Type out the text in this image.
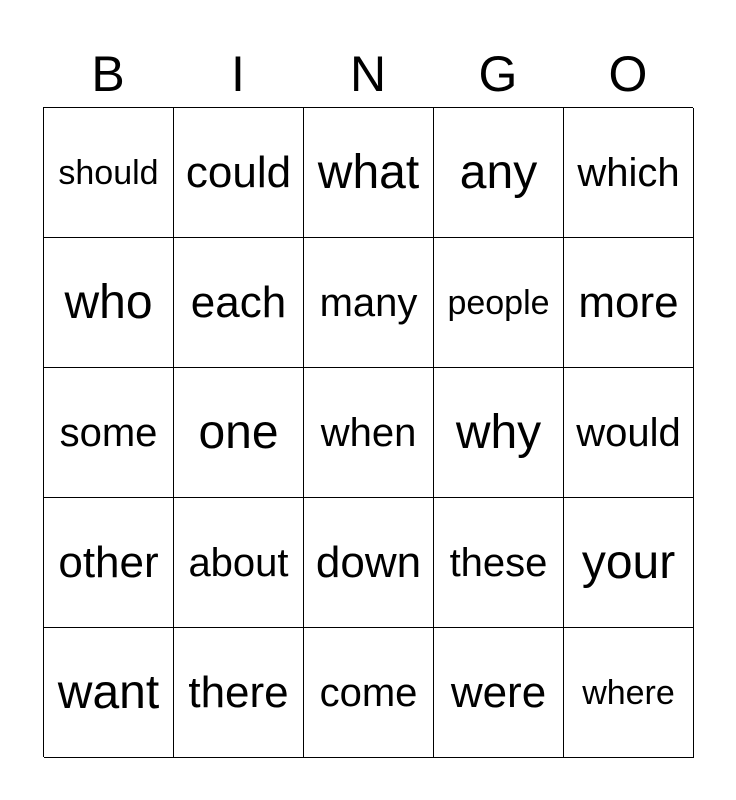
B	I	N	G	O
should could what any	which
who each many people more
some one	when why would
other about down these your
want there come were	where
